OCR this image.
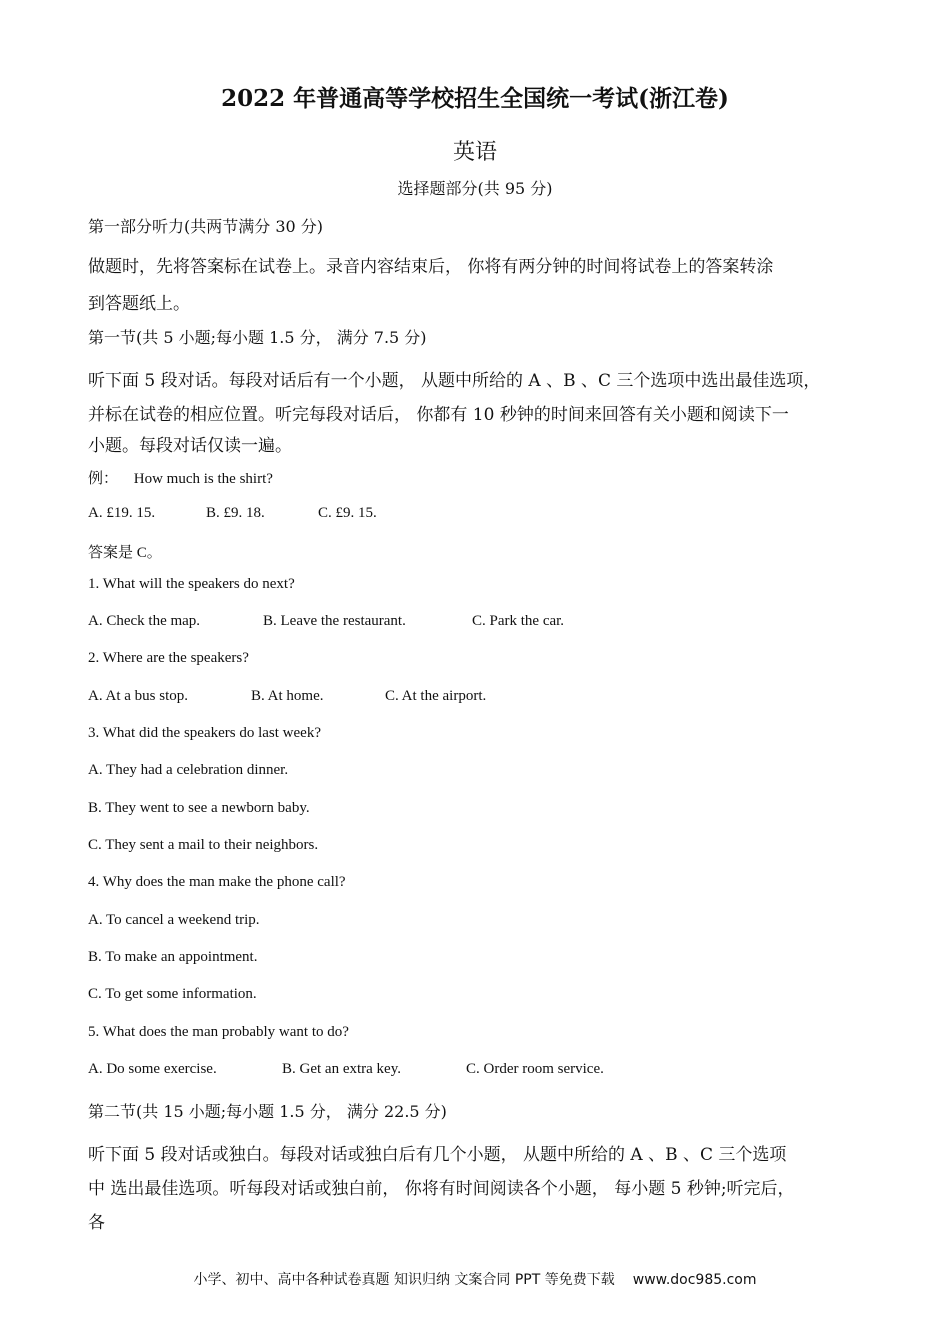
2022 年普通高等学校招生全国统一考试(浙江卷)
英语
选择题部分(共 95 分)
第一部分听力(共两节满分 30 分)
做题时，先将答案标在试卷上。录音内容结束后， 你将有两分钟的时间将试卷上的答案转涂
到答题纸上。
第一节(共 5 小题;每小题 1.5 分， 满分 7.5 分)
听下面 5 段对话。每段对话后有一个小题， 从题中所给的 A 、B 、C 三个选项中选出最佳选项，
并标在试卷的相应位置。听完每段对话后， 你都有 10 秒钟的时间来回答有关小题和阅读下一
小题。每段对话仅读一遍。
例： How much is the shirt?
A. £19. 15.	B. £9. 18.	C. £9. 15.
答案是 C。
1. What will the speakers do next?
A. Check the map.	B. Leave the restaurant.	C. Park the car.
2. Where are the speakers?
A. At a bus stop.	B. At home.	C. At the airport.
3. What did the speakers do last week?
A. They had a celebration dinner.
B. They went to see a newborn baby.
C. They sent a mail to their neighbors.
4. Why does the man make the phone call?
A. To cancel a weekend trip.
B. To make an appointment.
C. To get some information.
5. What does the man probably want to do?
A. Do some exercise.	B. Get an extra key.	C. Order room service.
第二节(共 15 小题;每小题 1.5 分， 满分 22.5 分)
听下面 5 段对话或独白。每段对话或独白后有几个小题， 从题中所给的 A 、B 、C 三个选项
中 选出最佳选项。听每段对话或独白前， 你将有时间阅读各个小题， 每小题 5 秒钟;听完后，
各
小学、初中、高中各种试卷真题 知识归纳 文案合同 PPT 等免费下载 www.doc985.com
